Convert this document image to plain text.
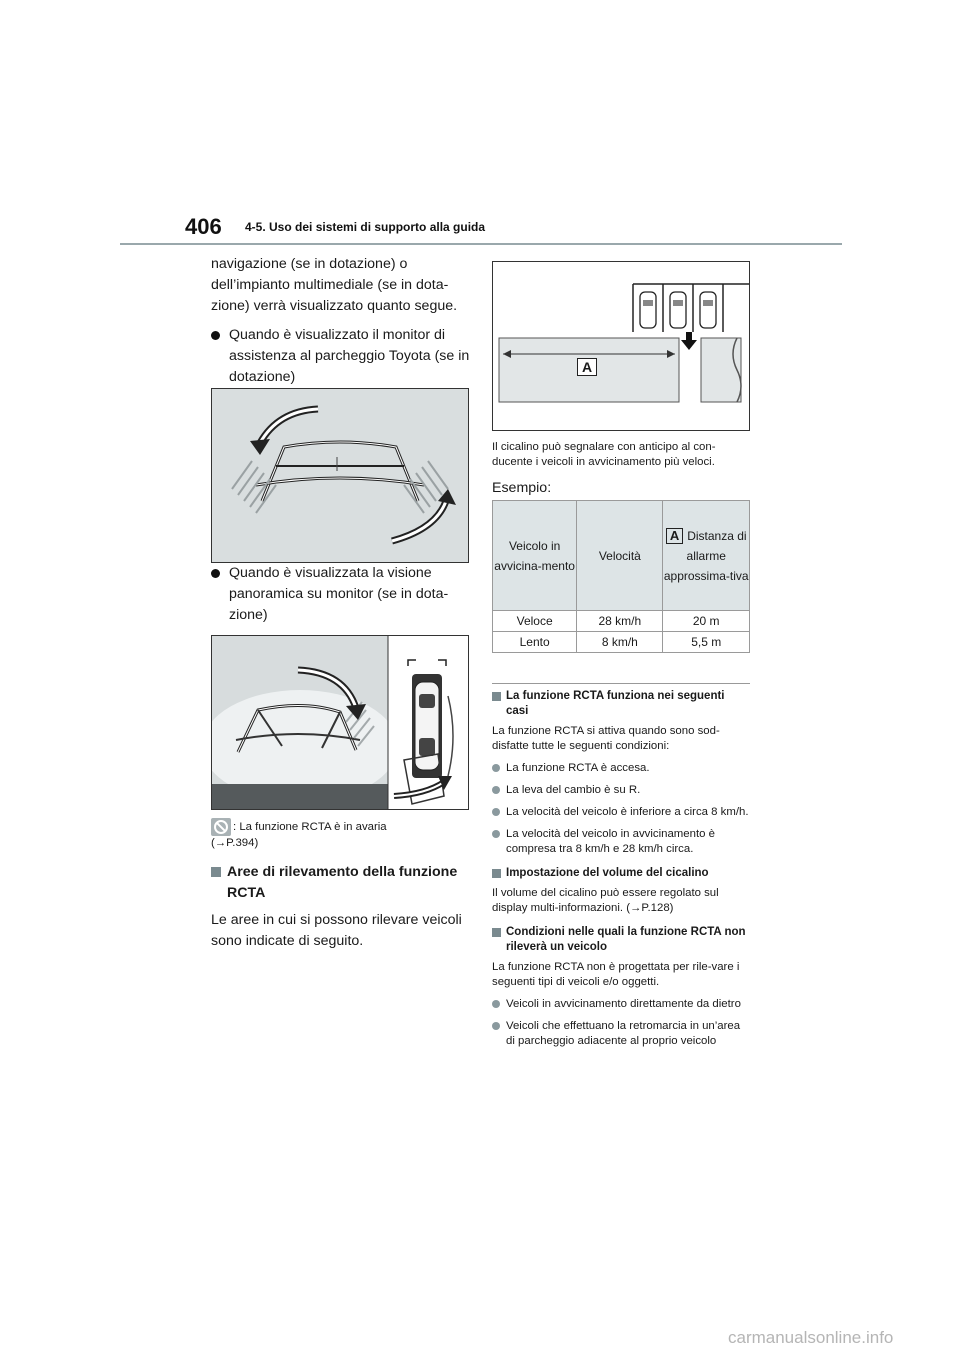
406 4-5. Uso dei sistemi di supporto alla guida

navigazione (se in dotazione) o dell’impianto multimediale (se in dota-zione) verrà visualizzato quanto segue.

Quando è visualizzato il monitor di assistenza al parcheggio Toyota (se in dotazione)

Quando è visualizzata la visione panoramica su monitor (se in dota-zione)

: La funzione RCTA è in avaria

(→P.394)

Aree di rilevamento della funzione RCTA

Le aree in cui si possono rilevare veicoli sono indicate di seguito.

A

Il cicalino può segnalare con anticipo al con-ducente i veicoli in avvicinamento più veloci.

Esempio:

Veicolo in avvicina-mento	Velocità	A Distanza di allarme approssima-tiva
Veloce	28 km/h	20 m
Lento	8 km/h	5,5 m

La funzione RCTA funziona nei seguenti casi

La funzione RCTA si attiva quando sono sod-disfatte tutte le seguenti condizioni:

La funzione RCTA è accesa.

La leva del cambio è su R.

La velocità del veicolo è inferiore a circa 8 km/h.

La velocità del veicolo in avvicinamento è compresa tra 8 km/h e 28 km/h circa.

Impostazione del volume del cicalino

Il volume del cicalino può essere regolato sul display multi-informazioni. (→P.128)

Condizioni nelle quali la funzione RCTA non rileverà un veicolo

La funzione RCTA non è progettata per rile-vare i seguenti tipi di veicoli e/o oggetti.

Veicoli in avvicinamento direttamente da dietro

Veicoli che effettuano la retromarcia in un’area di parcheggio adiacente al proprio veicolo

carmanualsonline.info
